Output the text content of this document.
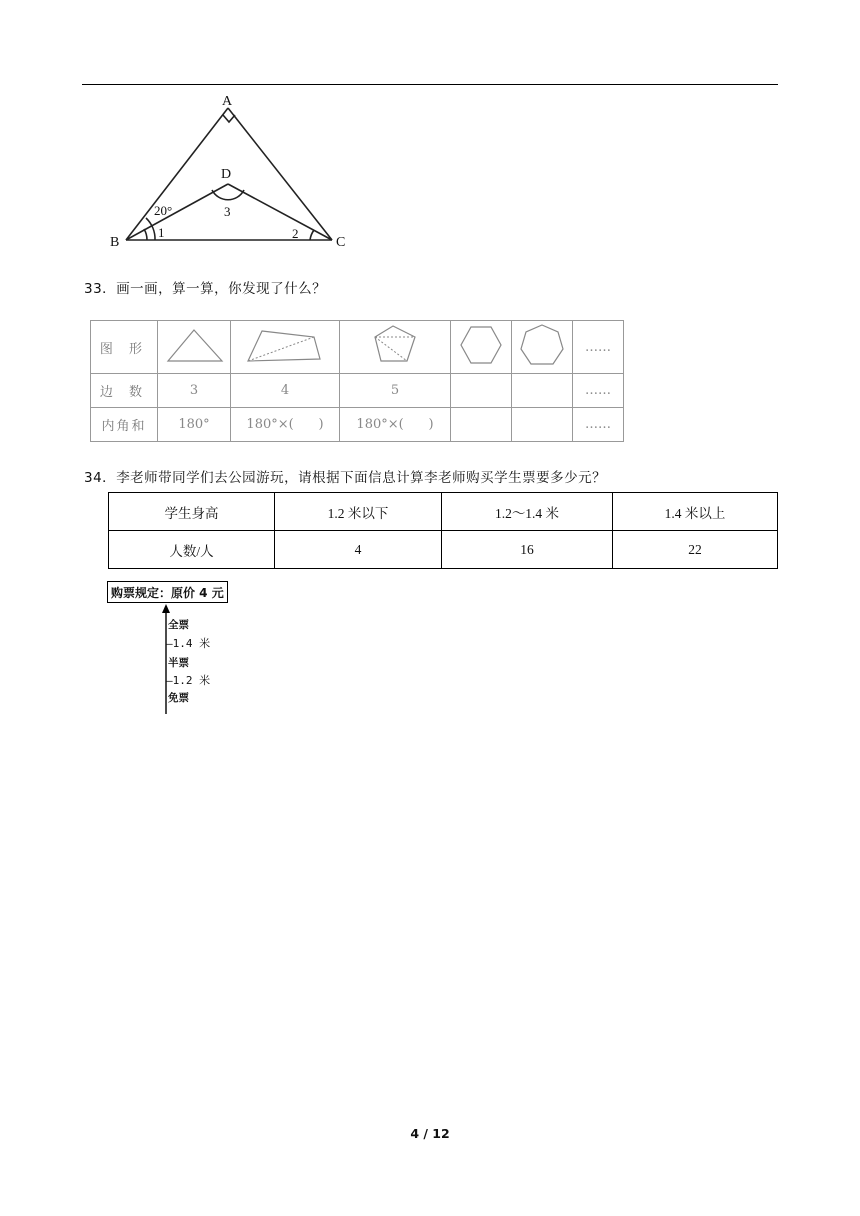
A
B	C
D
20°
1	2
3
33．画一画，算一算，你发现了什么？
图 形						……
边 数	3	4	5			……
内角和	180°	180°×(      )	180°×(      )			……
34．李老师带同学们去公园游玩，请根据下面信息计算李老师购买学生票要多少元？
学生身高	1.2 米以下	1.2～1.4 米	1.4 米以上
人数/人	4	16	22
购票规定：原价 4 元
全票
—1.4 米
半票
—1.2 米
免票
4 / 12
